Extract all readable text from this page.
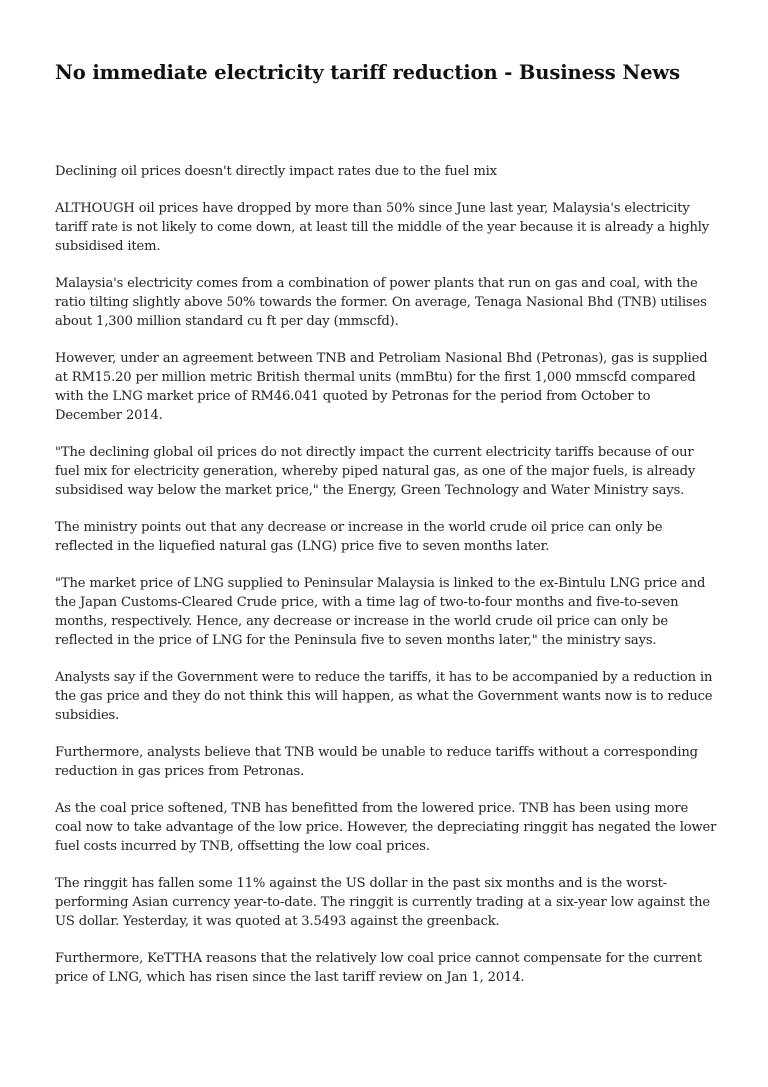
No immediate electricity tariff reduction - Business News

Declining oil prices doesn't directly impact rates due to the fuel mix

ALTHOUGH oil prices have dropped by more than 50% since June last year, Malaysia's electricity tariff rate is not likely to come down, at least till the middle of the year because it is already a highly subsidised item.

Malaysia's electricity comes from a combination of power plants that run on gas and coal, with the ratio tilting slightly above 50% towards the former. On average, Tenaga Nasional Bhd (TNB) utilises about 1,300 million standard cu ft per day (mmscfd).

However, under an agreement between TNB and Petroliam Nasional Bhd (Petronas), gas is supplied at RM15.20 per million metric British thermal units (mmBtu) for the first 1,000 mmscfd compared with the LNG market price of RM46.041 quoted by Petronas for the period from October to December 2014.

"The declining global oil prices do not directly impact the current electricity tariffs because of our fuel mix for electricity generation, whereby piped natural gas, as one of the major fuels, is already subsidised way below the market price," the Energy, Green Technology and Water Ministry says.

The ministry points out that any decrease or increase in the world crude oil price can only be reflected in the liquefied natural gas (LNG) price five to seven months later.

"The market price of LNG supplied to Peninsular Malaysia is linked to the ex-Bintulu LNG price and the Japan Customs-Cleared Crude price, with a time lag of two-to-four months and five-to-seven months, respectively. Hence, any decrease or increase in the world crude oil price can only be reflected in the price of LNG for the Peninsula five to seven months later," the ministry says.

Analysts say if the Government were to reduce the tariffs, it has to be accompanied by a reduction in the gas price and they do not think this will happen, as what the Government wants now is to reduce subsidies.

Furthermore, analysts believe that TNB would be unable to reduce tariffs without a corresponding reduction in gas prices from Petronas.

As the coal price softened, TNB has benefitted from the lowered price. TNB has been using more coal now to take advantage of the low price. However, the depreciating ringgit has negated the lower fuel costs incurred by TNB, offsetting the low coal prices.

The ringgit has fallen some 11% against the US dollar in the past six months and is the worst-performing Asian currency year-to-date. The ringgit is currently trading at a six-year low against the US dollar. Yesterday, it was quoted at 3.5493 against the greenback.

Furthermore, KeTTHA reasons that the relatively low coal price cannot compensate for the current price of LNG, which has risen since the last tariff review on Jan 1, 2014.
